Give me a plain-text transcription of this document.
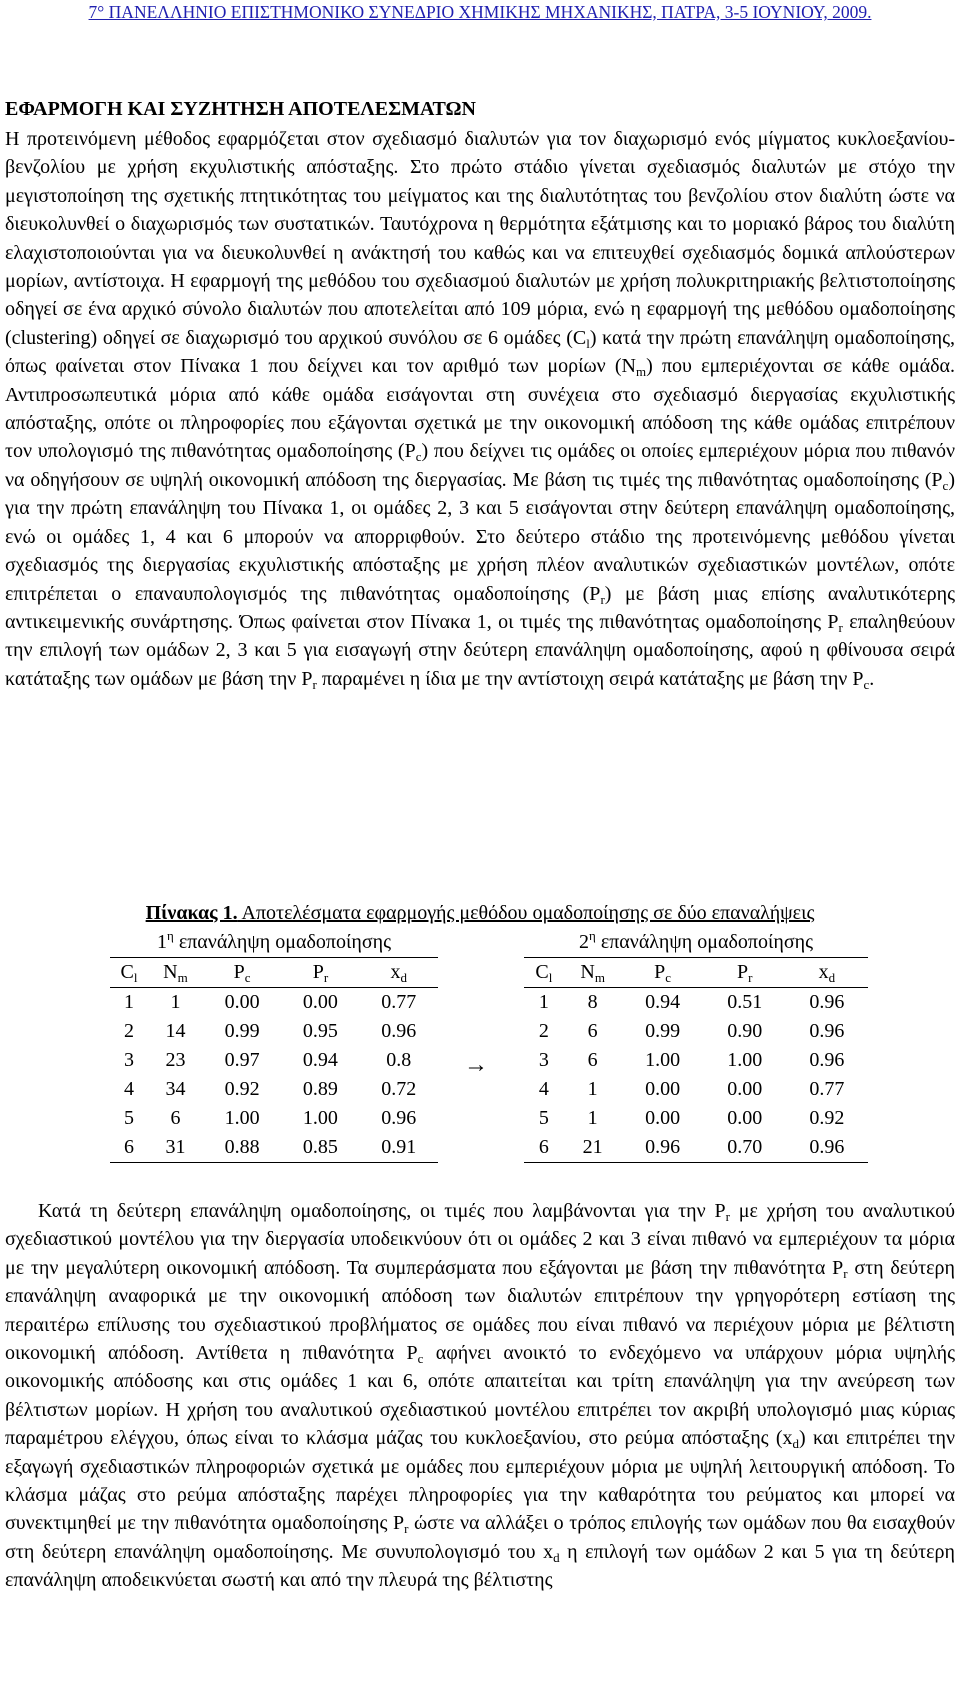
7° ΠΑΝΕΛΛΗΝΙΟ ΕΠΙΣΤΗΜΟΝΙΚΟ ΣΥΝΕΔΡΙΟ ΧΗΜΙΚΗΣ ΜΗΧΑΝΙΚΗΣ, ΠΑΤΡΑ, 3-5 ΙΟΥΝΙΟΥ, 2009.
ΕΦΑΡΜΟΓΗ ΚΑΙ ΣΥΖΗΤΗΣΗ ΑΠΟΤΕΛΕΣΜΑΤΩΝ

Η προτεινόμενη μέθοδος εφαρμόζεται στον σχεδιασμό διαλυτών για τον διαχωρισμό ενός μίγματος κυκλοεξανίου-βενζολίου με χρήση εκχυλιστικής απόσταξης. Στο πρώτο στάδιο γίνεται σχεδιασμός διαλυτών με στόχο την μεγιστοποίηση της σχετικής πτητικότητας του μείγματος και της διαλυτότητας του βενζολίου στον διαλύτη ώστε να διευκολυνθεί ο διαχωρισμός των συστατικών. Ταυτόχρονα η θερμότητα εξάτμισης και το μοριακό βάρος του διαλύτη ελαχιστοποιούνται για να διευκολυνθεί η ανάκτησή του καθώς και να επιτευχθεί σχεδιασμός δομικά απλούστερων μορίων, αντίστοιχα. Η εφαρμογή της μεθόδου του σχεδιασμού διαλυτών με χρήση πολυκριτηριακής βελτιστοποίησης οδηγεί σε ένα αρχικό σύνολο διαλυτών που αποτελείται από 109 μόρια, ενώ η εφαρμογή της μεθόδου ομαδοποίησης (clustering) οδηγεί σε διαχωρισμό του αρχικού συνόλου σε 6 ομάδες $(C_l)$ κατά την πρώτη επανάληψη ομαδοποίησης, όπως φαίνεται στον Πίνακα 1 που δείχνει και τον αριθμό των μορίων $(N_m)$ που εμπεριέχονται σε κάθε ομάδα. Αντιπροσωπευτικά μόρια από κάθε ομάδα εισάγονται στη συνέχεια στο σχεδιασμό διεργασίας εκχυλιστικής απόσταξης, οπότε οι πληροφορίες που εξάγονται σχετικά με την οικονομική απόδοση της κάθε ομάδας επιτρέπουν τον υπολογισμό της πιθανότητας ομαδοποίησης $(P_c)$ που δείχνει τις ομάδες οι οποίες εμπεριέχουν μόρια που πιθανόν να οδηγήσουν σε υψηλή οικονομική απόδοση της διεργασίας. Με βάση τις τιμές της πιθανότητας ομαδοποίησης $(P_c)$ για την πρώτη επανάληψη του Πίνακα 1, οι ομάδες 2, 3 και 5 εισάγονται στην δεύτερη επανάληψη ομαδοποίησης, ενώ οι ομάδες 1, 4 και 6 μπορούν να απορριφθούν. Στο δεύτερο στάδιο της προτεινόμενης μεθόδου γίνεται σχεδιασμός της διεργασίας εκχυλιστικής απόσταξης με χρήση πλέον αναλυτικών σχεδιαστικών μοντέλων, οπότε επιτρέπεται ο επαναυπολογισμός της πιθανότητας ομαδοποίησης $(P_r)$ με βάση μιας επίσης αναλυτικότερης αντικειμενικής συνάρτησης. Όπως φαίνεται στον Πίνακα 1, οι τιμές της πιθανότητας ομαδοποίησης $P_r$ επαληθεύουν την επιλογή των ομάδων 2, 3 και 5 για εισαγωγή στην δεύτερη επανάληψη ομαδοποίησης, αφού η φθίνουσα σειρά κατάταξης των ομάδων με βάση την $P_r$ παραμένει η ίδια με την αντίστοιχη σειρά κατάταξης με βάση την $P_c$.

Πίνακας 1. Αποτελέσματα εφαρμογής μεθόδου ομαδοποίησης σε δύο επαναλήψεις
$1^\eta$ επανάληψη ομαδοποίησης				
$C_l$	$N_m$	$P_c$	$P_r$	$x_d$
1	1	0.00	0.00	0.77
2	14	0.99	0.95	0.96
3	23	0.97	0.94	0.8
4	34	0.92	0.89	0.72
5	6	1.00	1.00	0.96
6	31	0.88	0.85	0.91
→
$2^\eta$ επανάληψη ομαδοποίησης				
$C_l$	$N_m$	$P_c$	$P_r$	$x_d$
1	8	0.94	0.51	0.96
2	6	0.99	0.90	0.96
3	6	1.00	1.00	0.96
4	1	0.00	0.00	0.77
5	1	0.00	0.00	0.92
6	21	0.96	0.70	0.96

Κατά τη δεύτερη επανάληψη ομαδοποίησης, οι τιμές που λαμβάνονται για την $P_r$ με χρήση του αναλυτικού σχεδιαστικού μοντέλου για την διεργασία υποδεικνύουν ότι οι ομάδες 2 και 3 είναι πιθανό να εμπεριέχουν τα μόρια με την μεγαλύτερη οικονομική απόδοση. Τα συμπεράσματα που εξάγονται με βάση την πιθανότητα $P_r$ στη δεύτερη επανάληψη αναφορικά με την οικονομική απόδοση των διαλυτών επιτρέπουν την γρηγορότερη εστίαση της περαιτέρω επίλυσης του σχεδιαστικού προβλήματος σε ομάδες που είναι πιθανό να περιέχουν μόρια με βέλτιστη οικονομική απόδοση. Αντίθετα η πιθανότητα $P_c$ αφήνει ανοικτό το ενδεχόμενο να υπάρχουν μόρια υψηλής οικονομικής απόδοσης και στις ομάδες 1 και 6, οπότε απαιτείται και τρίτη επανάληψη για την ανεύρεση των βέλτιστων μορίων. Η χρήση του αναλυτικού σχεδιαστικού μοντέλου επιτρέπει τον ακριβή υπολογισμό μιας κύριας παραμέτρου ελέγχου, όπως είναι το κλάσμα μάζας του κυκλοεξανίου, στο ρεύμα απόσταξης $(x_d)$ και επιτρέπει την εξαγωγή σχεδιαστικών πληροφοριών σχετικά με ομάδες που εμπεριέχουν μόρια με υψηλή λειτουργική απόδοση. Το κλάσμα μάζας στο ρεύμα απόσταξης παρέχει πληροφορίες για την καθαρότητα του ρεύματος και μπορεί να συνεκτιμηθεί με την πιθανότητα ομαδοποίησης $P_r$ ώστε να αλλάξει ο τρόπος επιλογής των ομάδων που θα εισαχθούν στη δεύτερη επανάληψη ομαδοποίησης. Με συνυπολογισμό του $x_d$ η επιλογή των ομάδων 2 και 5 για τη δεύτερη επανάληψη αποδεικνύεται σωστή και από την πλευρά της βέλτιστης
